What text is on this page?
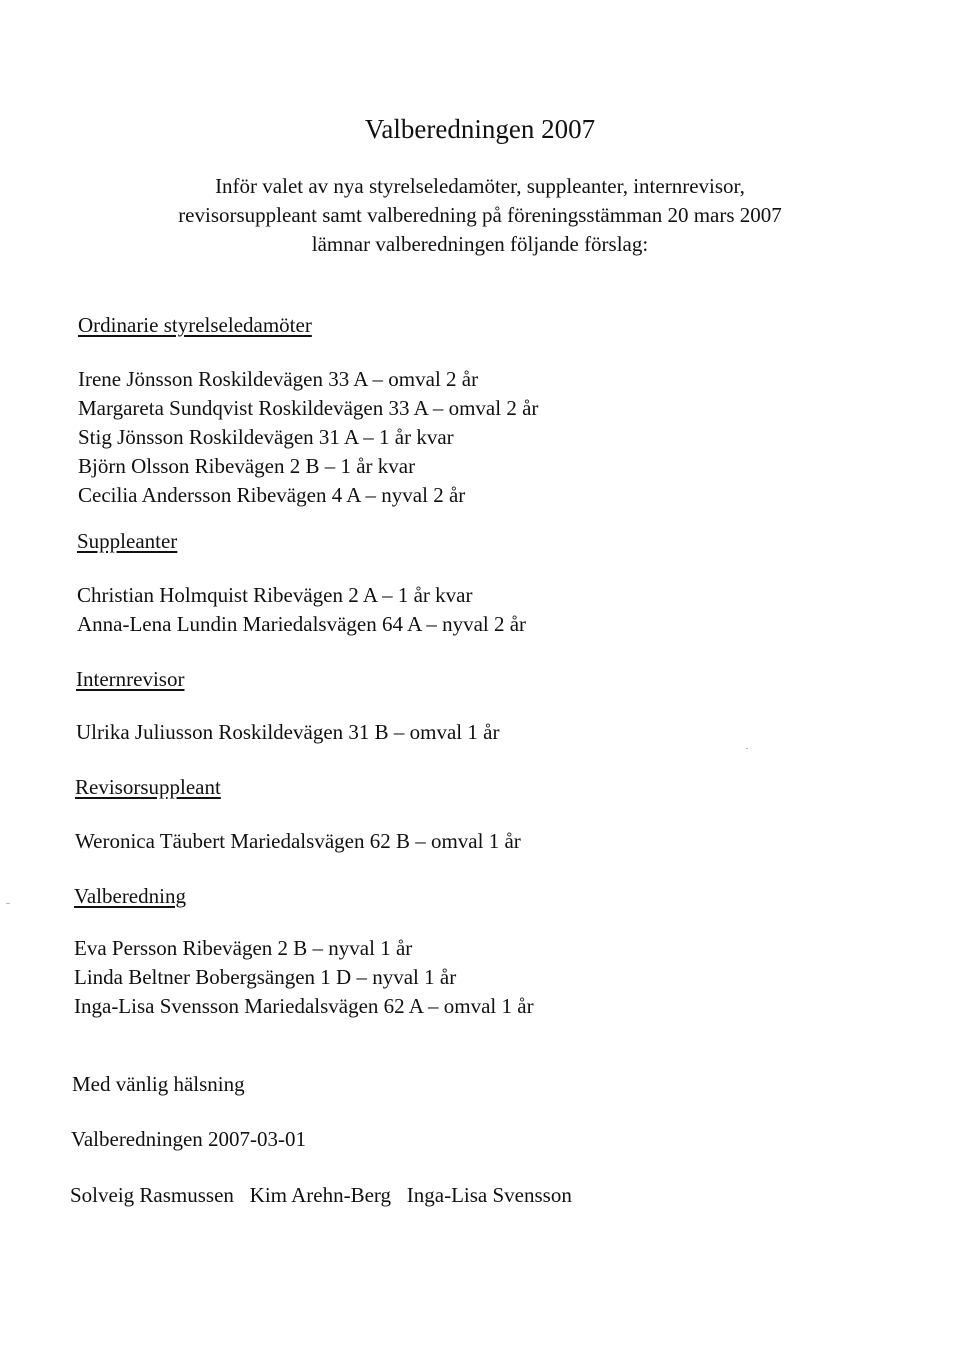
Valberedningen 2007
Inför valet av nya styrelseledamöter, suppleanter, internrevisor,
revisorsuppleant samt valberedning på föreningsstämman 20 mars 2007
lämnar valberedningen följande förslag:
Ordinarie styrelseledamöter
Irene Jönsson Roskildevägen 33 A – omval 2 år
Margareta Sundqvist Roskildevägen 33 A – omval 2 år
Stig Jönsson Roskildevägen 31 A – 1 år kvar
Björn Olsson Ribevägen 2 B – 1 år kvar
Cecilia Andersson Ribevägen 4 A – nyval 2 år
Suppleanter
Christian Holmquist Ribevägen 2 A – 1 år kvar
Anna-Lena Lundin Mariedalsvägen 64 A – nyval 2 år
Internrevisor
Ulrika Juliusson Roskildevägen 31 B – omval 1 år
Revisorsuppleant
Weronica Täubert Mariedalsvägen 62 B – omval 1 år
Valberedning
Eva Persson Ribevägen 2 B – nyval 1 år
Linda Beltner Bobergsängen 1 D – nyval 1 år
Inga-Lisa Svensson Mariedalsvägen 62 A – omval 1 år
Med vänlig hälsning
Valberedningen 2007-03-01
Solveig Rasmussen Kim Arehn-Berg Inga-Lisa Svensson
